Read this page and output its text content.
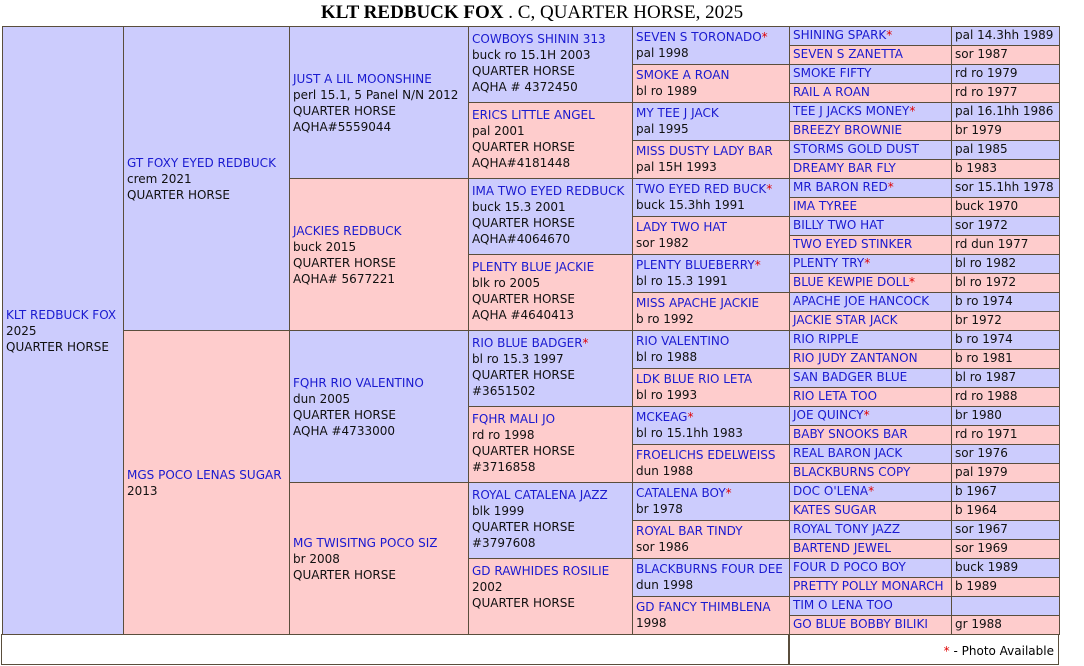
KLT REDBUCK FOX . C, QUARTER HORSE, 2025
KLT REDBUCK FOX
2025
QUARTER HORSE
GT FOXY EYED REDBUCK
crem 2021
QUARTER HORSE
MGS POCO LENAS SUGAR
2013
JUST A LIL MOONSHINE
perl 15.1, 5 Panel N/N 2012
QUARTER HORSE
AQHA#5559044
JACKIES REDBUCK
buck 2015
QUARTER HORSE
AQHA# 5677221
FQHR RIO VALENTINO
dun 2005
QUARTER HORSE
AQHA #4733000
MG TWISITNG POCO SIZ
br 2008
QUARTER HORSE
COWBOYS SHININ 313
buck ro 15.1H 2003
QUARTER HORSE
AQHA # 4372450
ERICS LITTLE ANGEL
pal 2001
QUARTER HORSE
AQHA#4181448
IMA TWO EYED REDBUCK
buck 15.3 2001
QUARTER HORSE
AQHA#4064670
PLENTY BLUE JACKIE
blk ro 2005
QUARTER HORSE
AQHA #4640413
RIO BLUE BADGER*
bl ro 15.3 1997
QUARTER HORSE
#3651502
FQHR MALI JO
rd ro 1998
QUARTER HORSE
#3716858
ROYAL CATALENA JAZZ
blk 1999
QUARTER HORSE
#3797608
GD RAWHIDES ROSILIE
2002
QUARTER HORSE
SEVEN S TORONADO*
pal 1998
SMOKE A ROAN
bl ro 1989
MY TEE J JACK
pal 1995
MISS DUSTY LADY BAR
pal 15H 1993
TWO EYED RED BUCK*
buck 15.3hh 1991
LADY TWO HAT
sor 1982
PLENTY BLUEBERRY*
bl ro 15.3 1991
MISS APACHE JACKIE
b ro 1992
RIO VALENTINO
bl ro 1988
LDK BLUE RIO LETA
bl ro 1993
MCKEAG*
bl ro 15.1hh 1983
FROELICHS EDELWEISS
dun 1988
CATALENA BOY*
br 1978
ROYAL BAR TINDY
sor 1986
BLACKBURNS FOUR DEE
dun 1998
GD FANCY THIMBLENA
1998
SHINING SPARK*	pal 14.3hh 1989
SEVEN S ZANETTA	sor 1987
SMOKE FIFTY	rd ro 1979
RAIL A ROAN	rd ro 1977
TEE J JACKS MONEY*	pal 16.1hh 1986
BREEZY BROWNIE	br 1979
STORMS GOLD DUST	pal 1985
DREAMY BAR FLY	b 1983
MR BARON RED*	sor 15.1hh 1978
IMA TYREE	buck 1970
BILLY TWO HAT	sor 1972
TWO EYED STINKER	rd dun 1977
PLENTY TRY*	bl ro 1982
BLUE KEWPIE DOLL*	bl ro 1972
APACHE JOE HANCOCK	b ro 1974
JACKIE STAR JACK	br 1972
RIO RIPPLE	b ro 1974
RIO JUDY ZANTANON	b ro 1981
SAN BADGER BLUE	bl ro 1987
RIO LETA TOO	rd ro 1988
JOE QUINCY*	br 1980
BABY SNOOKS BAR	rd ro 1971
REAL BARON JACK	sor 1976
BLACKBURNS COPY	pal 1979
DOC O'LENA*	b 1967
KATES SUGAR	b 1964
ROYAL TONY JAZZ	sor 1967
BARTEND JEWEL	sor 1969
FOUR D POCO BOY	buck 1989
PRETTY POLLY MONARCH b 1989
TIM O LENA TOO
GO BLUE BOBBY BILIKI	gr 1988
* - Photo Available
